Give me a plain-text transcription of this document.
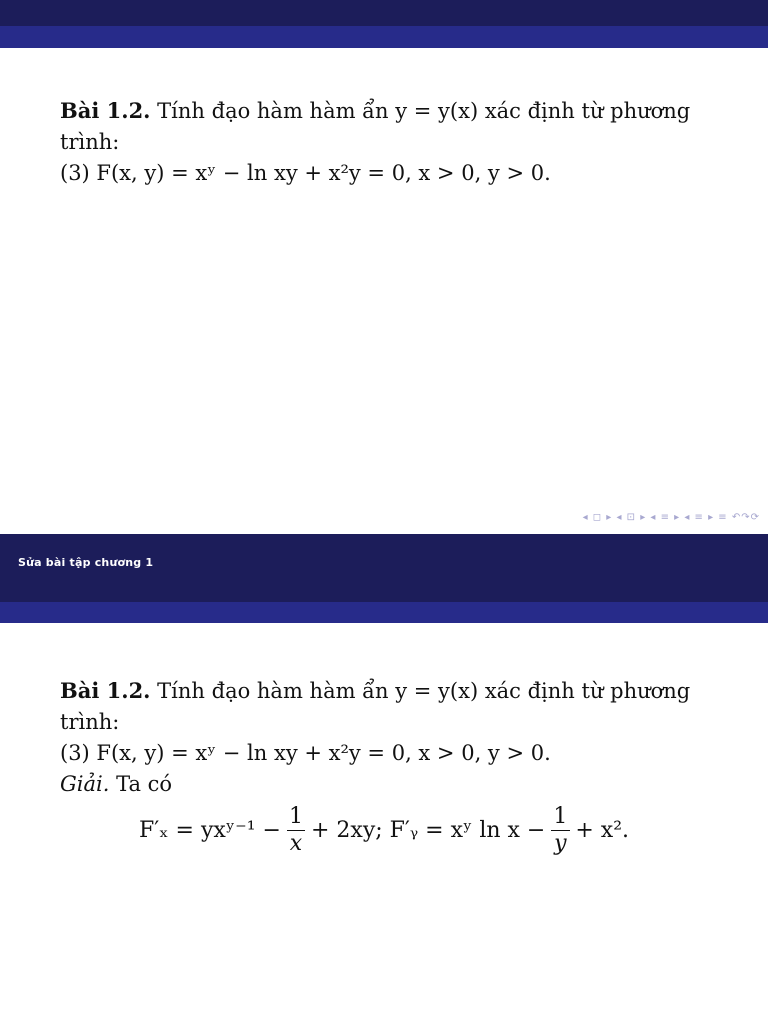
Bài 1.2. Tính đạo hàm hàm ẩn y = y(x) xác định từ phương
trình:
(3) F(x, y) = xʸ − ln xy + x²y = 0, x > 0, y > 0.
◂ ◻ ▸ ◂ ⊡ ▸ ◂ ≡ ▸ ◂ ≡ ▸ ≡ ↶↷⟳
Sửa bài tập chương 1
Bài 1.2. Tính đạo hàm hàm ẩn y = y(x) xác định từ phương
trình:
(3) F(x, y) = xʸ − ln xy + x²y = 0, x > 0, y > 0.
Giải. Ta có
F′ₓ = yxʸ⁻¹ − $\frac{1}{x} + 2xy$; F′ᵧ = xʸ $\ln x - \frac{1}{y} + x^2$.
